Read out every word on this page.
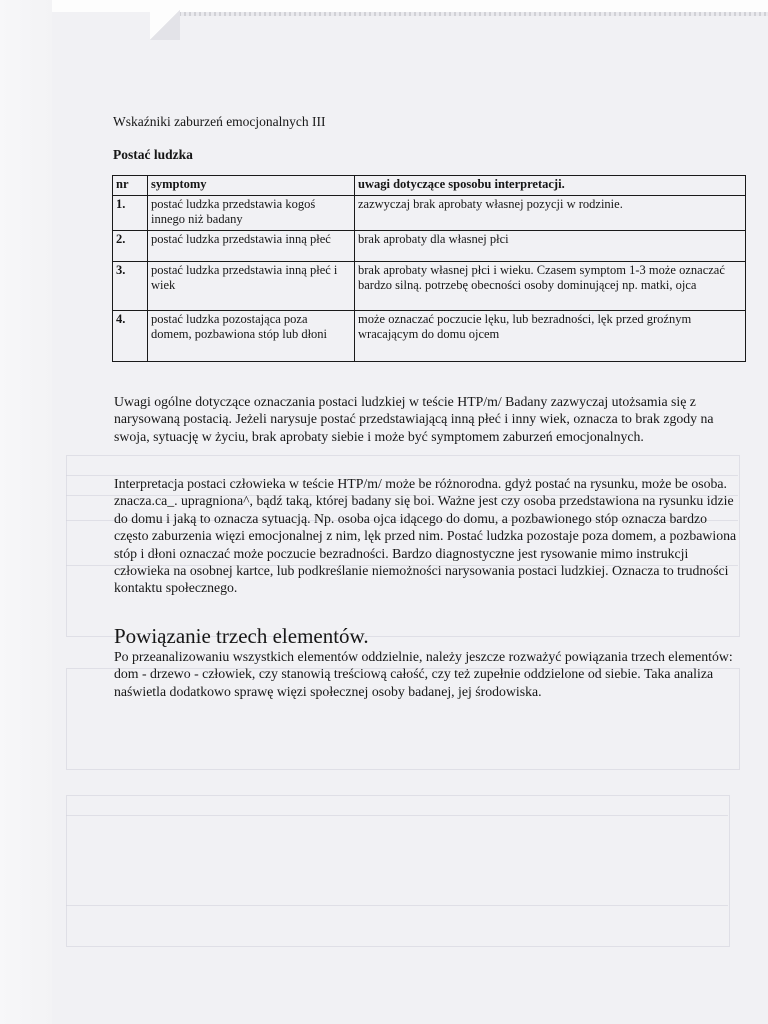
Wskaźniki zaburzeń emocjonalnych III
Postać ludzka
nr	symptomy	uwagi dotyczące sposobu interpretacji.
1.	postać ludzka przedstawia kogoś innego niż badany	zazwyczaj brak aprobaty własnej pozycji w rodzinie.
2.	postać ludzka przedstawia inną płeć	brak aprobaty dla własnej płci
3.	postać ludzka przedstawia inną płeć i wiek	brak aprobaty własnej płci i wieku. Czasem symptom 1-3 może oznaczać bardzo silną. potrzebę obecności osoby dominującej np. matki, ojca
4.	postać ludzka pozostająca poza domem, pozbawiona stóp lub dłoni	może oznaczać poczucie lęku, lub bezradności, lęk przed groźnym wracającym do domu ojcem

Uwagi ogólne dotyczące oznaczania postaci ludzkiej w teście HTP/m/ Badany zazwyczaj utożsamia się z narysowaną postacią. Jeżeli narysuje postać przedstawiającą inną płeć i inny wiek, oznacza to brak zgody na swoja, sytuację w życiu, brak aprobaty siebie i może być symptomem zaburzeń emocjonalnych.

Interpretacja postaci człowieka w teście HTP/m/ może be różnorodna. gdyż postać na rysunku, może be osoba. znacza.ca_. upragniona^, bądź taką, której badany się boi. Ważne jest czy osoba przedstawiona na rysunku idzie do domu i jaką to oznacza sytuacją. Np. osoba ojca idącego do domu, a pozbawionego stóp oznacza bardzo często zaburzenia więzi emocjonalnej z nim, lęk przed nim. Postać ludzka pozostaje poza domem, a pozbawiona stóp i dłoni oznaczać może poczucie bezradności. Bardzo diagnostyczne jest rysowanie mimo instrukcji człowieka na osobnej kartce, lub podkreślanie niemożności narysowania postaci ludzkiej. Oznacza to trudności kontaktu społecznego.

Powiązanie trzech elementów.

Po przeanalizowaniu wszystkich elementów oddzielnie, należy jeszcze rozważyć powiązania trzech elementów: dom - drzewo - człowiek, czy stanowią treściową całość, czy też zupełnie oddzielone od siebie. Taka analiza naświetla dodatkowo sprawę więzi społecznej osoby badanej, jej środowiska.
